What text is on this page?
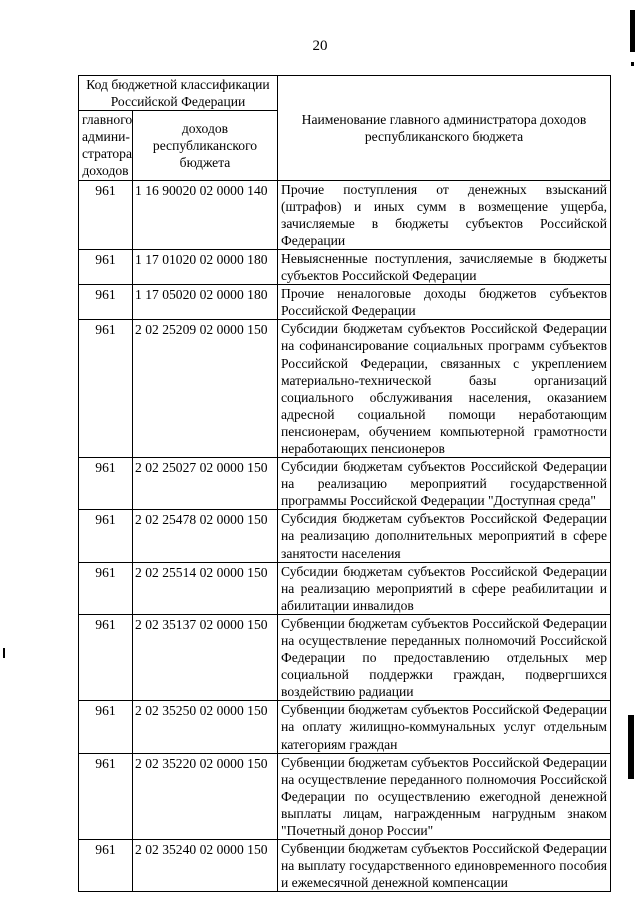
20
Код бюджетной классификации Российской Федерации		Наименование главного администратора доходов республиканского бюджета
главного админи-стратора доходов	доходов республиканского бюджета	
961	1 16 90020 02 0000 140	Прочие поступления от денежных взысканий (штрафов) и иных сумм в возмещение ущерба, зачисляемые в бюджеты субъектов Российской Федерации
961	1 17 01020 02 0000 180	Невыясненные поступления, зачисляемые в бюджеты субъектов Российской Федерации
961	1 17 05020 02 0000 180	Прочие неналоговые доходы бюджетов субъектов Российской Федерации
961	2 02 25209 02 0000 150	Субсидии бюджетам субъектов Российской Федерации на софинансирование социальных программ субъектов Российской Федерации, связанных с укреплением материально-технической базы организаций социального обслуживания населения, оказанием адресной социальной помощи неработающим пенсионерам, обучением компьютерной грамотности неработающих пенсионеров
961	2 02 25027 02 0000 150	Субсидии бюджетам субъектов Российской Федерации на реализацию мероприятий государственной программы Российской Федерации "Доступная среда"
961	2 02 25478 02 0000 150	Субсидия бюджетам субъектов Российской Федерации на реализацию дополнительных мероприятий в сфере занятости населения
961	2 02 25514 02 0000 150	Субсидии бюджетам субъектов Российской Федерации на реализацию мероприятий в сфере реабилитации и абилитации инвалидов
961	2 02 35137 02 0000 150	Субвенции бюджетам субъектов Российской Федерации на осуществление переданных полномочий Российской Федерации по предоставлению отдельных мер социальной поддержки граждан, подвергшихся воздействию радиации
961	2 02 35250 02 0000 150	Субвенции бюджетам субъектов Российской Федерации на оплату жилищно-коммунальных услуг отдельным категориям граждан
961	2 02 35220 02 0000 150	Субвенции бюджетам субъектов Российской Федерации на осуществление переданного полномочия Российской Федерации по осуществлению ежегодной денежной выплаты лицам, награжденным нагрудным знаком "Почетный донор России"
961	2 02 35240 02 0000 150	Субвенции бюджетам субъектов Российской Федерации на выплату государственного единовременного пособия и ежемесячной денежной компенсации
